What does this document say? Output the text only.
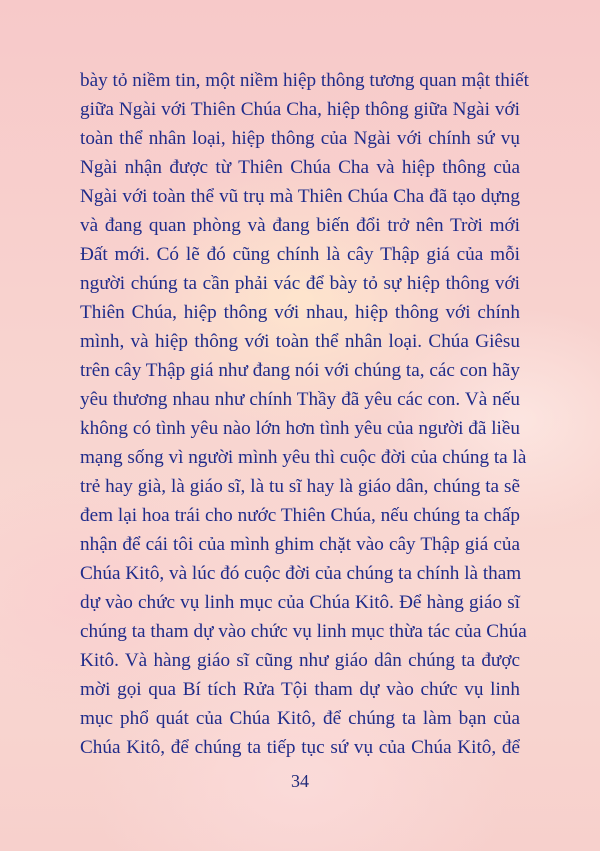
bày tỏ niềm tin, một niềm hiệp thông tương quan mật thiết
giữa Ngài với Thiên Chúa Cha, hiệp thông giữa Ngài với
toàn thể nhân loại, hiệp thông của Ngài với chính sứ vụ
Ngài nhận được từ Thiên Chúa Cha và hiệp thông của
Ngài với toàn thể vũ trụ mà Thiên Chúa Cha đã tạo dựng
và đang quan phòng và đang biến đổi trở nên Trời mới
Đất mới. Có lẽ đó cũng chính là cây Thập giá của mỗi
người chúng ta cần phải vác để bày tỏ sự hiệp thông với
Thiên Chúa, hiệp thông với nhau, hiệp thông với chính
mình, và hiệp thông với toàn thể nhân loại. Chúa Giêsu
trên cây Thập giá như đang nói với chúng ta, các con hãy
yêu thương nhau như chính Thầy đã yêu các con. Và nếu
không có tình yêu nào lớn hơn tình yêu của người đã liều
mạng sống vì người mình yêu thì cuộc đời của chúng ta là
trẻ hay già, là giáo sĩ, là tu sĩ hay là giáo dân, chúng ta sẽ
đem lại hoa trái cho nước Thiên Chúa, nếu chúng ta chấp
nhận để cái tôi của mình ghim chặt vào cây Thập giá của
Chúa Kitô, và lúc đó cuộc đời của chúng ta chính là tham
dự vào chức vụ linh mục của Chúa Kitô. Để hàng giáo sĩ
chúng ta tham dự vào chức vụ linh mục thừa tác của Chúa
Kitô. Và hàng giáo sĩ cũng như giáo dân chúng ta được
mời gọi qua Bí tích Rửa Tội tham dự vào chức vụ linh
mục phổ quát của Chúa Kitô, để chúng ta làm bạn của
Chúa Kitô, để chúng ta tiếp tục sứ vụ của Chúa Kitô, để
34
